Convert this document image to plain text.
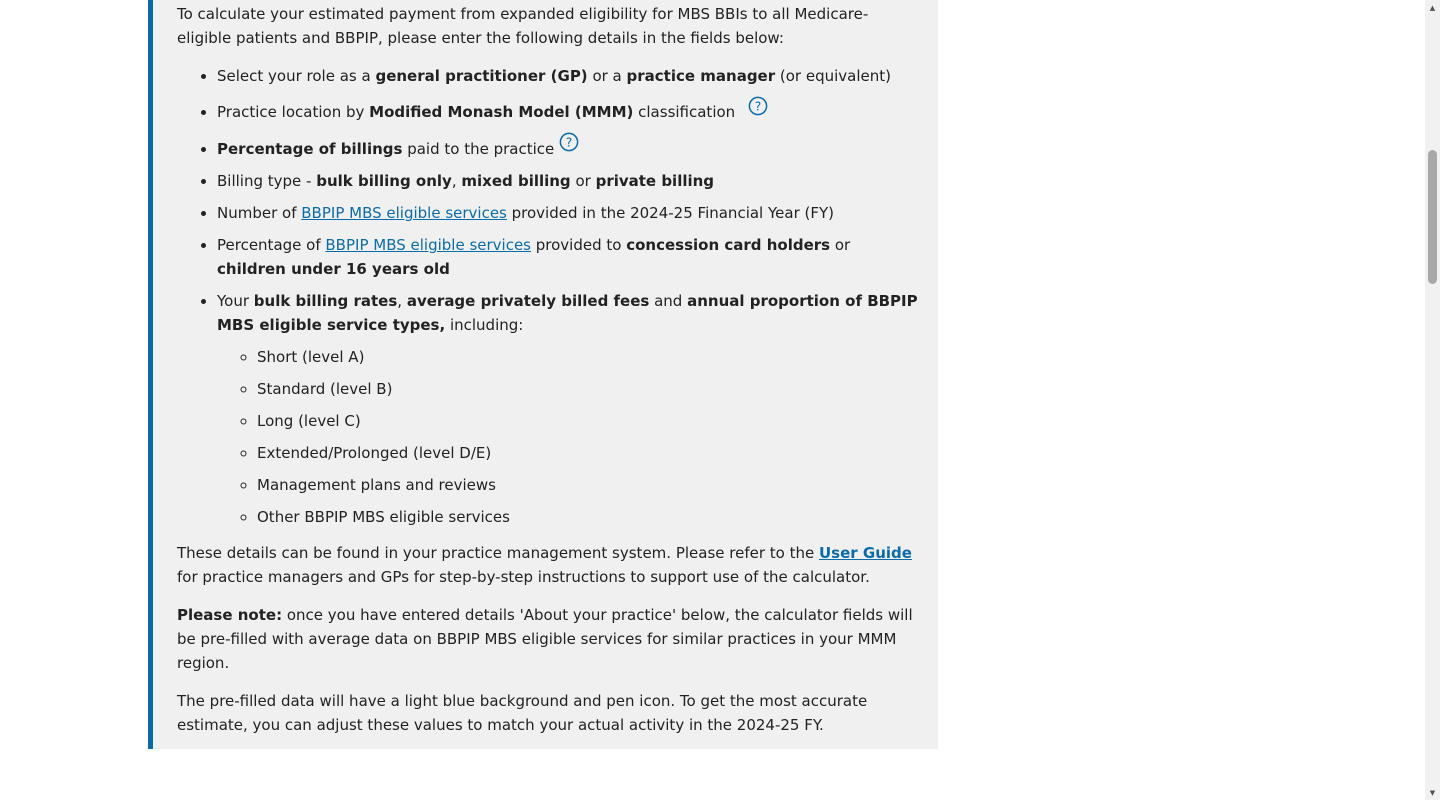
To calculate your estimated payment from expanded eligibility for MBS BBIs to all Medicare-eligible patients and BBPIP, please enter the following details in the fields below:

• Select your role as a general practitioner (GP) or a practice manager (or equivalent)
• Practice location by Modified Monash Model (MMM) classification ?
• Percentage of billings paid to the practice ?
• Billing type - bulk billing only, mixed billing or private billing
• Number of BBPIP MBS eligible services provided in the 2024-25 Financial Year (FY)
• Percentage of BBPIP MBS eligible services provided to concession card holders or children under 16 years old
• Your bulk billing rates, average privately billed fees and annual proportion of BBPIP MBS eligible service types, including:
◦ Short (level A)
◦ Standard (level B)
◦ Long (level C)
◦ Extended/Prolonged (level D/E)
◦ Management plans and reviews
◦ Other BBPIP MBS eligible services

These details can be found in your practice management system. Please refer to the User Guide for practice managers and GPs for step-by-step instructions to support use of the calculator.

Please note: once you have entered details 'About your practice' below, the calculator fields will be pre-filled with average data on BBPIP MBS eligible services for similar practices in your MMM region.

The pre-filled data will have a light blue background and pen icon. To get the most accurate estimate, you can adjust these values to match your actual activity in the 2024-25 FY.

▲
▼
